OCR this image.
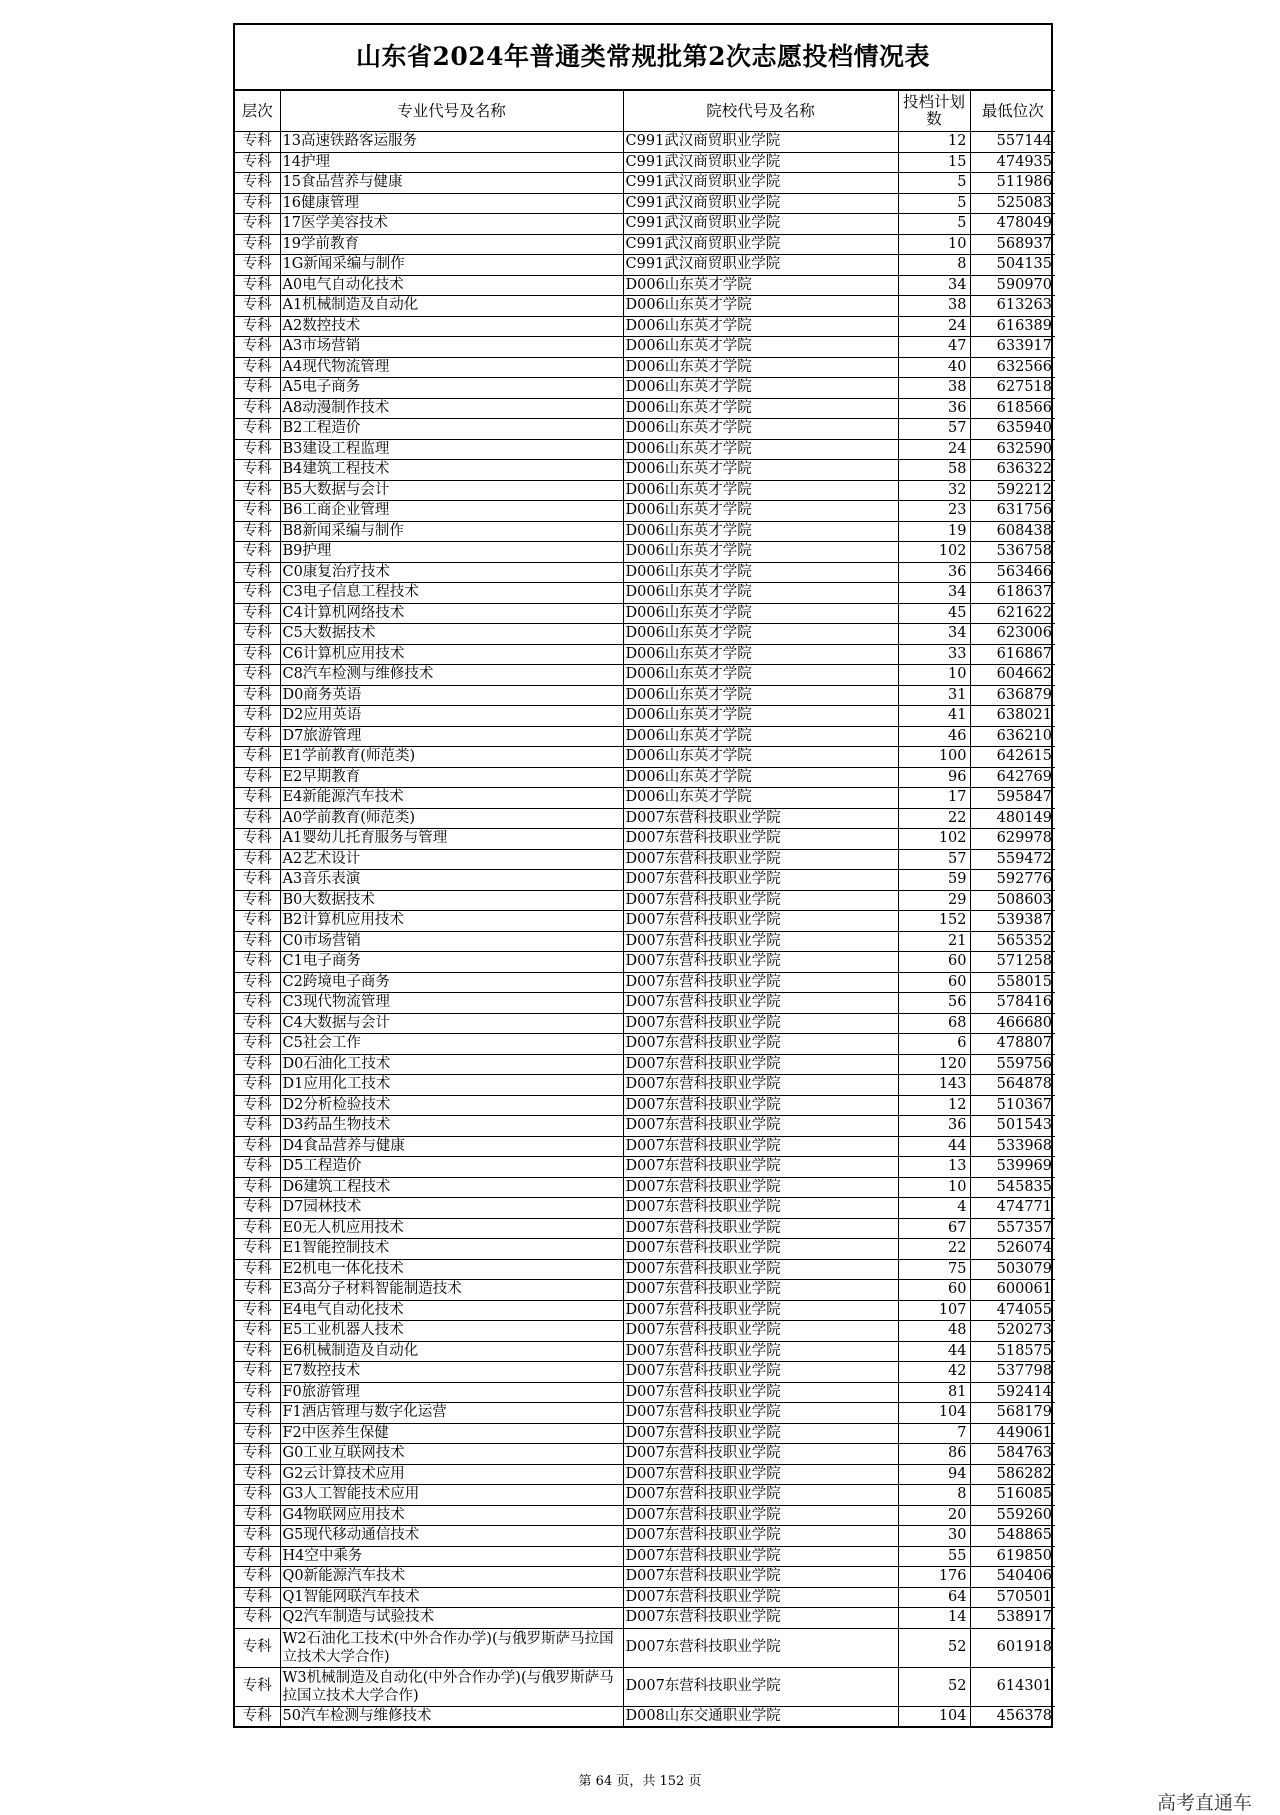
山东省2024年普通类常规批第2次志愿投档情况表
层次	专业代号及名称	院校代号及名称	投档计划数	最低位次
专科	13高速铁路客运服务	C991武汉商贸职业学院	12	557144
专科	14护理	C991武汉商贸职业学院	15	474935
专科	15食品营养与健康	C991武汉商贸职业学院	5	511986
专科	16健康管理	C991武汉商贸职业学院	5	525083
专科	17医学美容技术	C991武汉商贸职业学院	5	478049
专科	19学前教育	C991武汉商贸职业学院	10	568937
专科	1G新闻采编与制作	C991武汉商贸职业学院	8	504135
专科	A0电气自动化技术	D006山东英才学院	34	590970
专科	A1机械制造及自动化	D006山东英才学院	38	613263
专科	A2数控技术	D006山东英才学院	24	616389
专科	A3市场营销	D006山东英才学院	47	633917
专科	A4现代物流管理	D006山东英才学院	40	632566
专科	A5电子商务	D006山东英才学院	38	627518
专科	A8动漫制作技术	D006山东英才学院	36	618566
专科	B2工程造价	D006山东英才学院	57	635940
专科	B3建设工程监理	D006山东英才学院	24	632590
专科	B4建筑工程技术	D006山东英才学院	58	636322
专科	B5大数据与会计	D006山东英才学院	32	592212
专科	B6工商企业管理	D006山东英才学院	23	631756
专科	B8新闻采编与制作	D006山东英才学院	19	608438
专科	B9护理	D006山东英才学院	102	536758
专科	C0康复治疗技术	D006山东英才学院	36	563466
专科	C3电子信息工程技术	D006山东英才学院	34	618637
专科	C4计算机网络技术	D006山东英才学院	45	621622
专科	C5大数据技术	D006山东英才学院	34	623006
专科	C6计算机应用技术	D006山东英才学院	33	616867
专科	C8汽车检测与维修技术	D006山东英才学院	10	604662
专科	D0商务英语	D006山东英才学院	31	636879
专科	D2应用英语	D006山东英才学院	41	638021
专科	D7旅游管理	D006山东英才学院	46	636210
专科	E1学前教育(师范类)	D006山东英才学院	100	642615
专科	E2早期教育	D006山东英才学院	96	642769
专科	E4新能源汽车技术	D006山东英才学院	17	595847
专科	A0学前教育(师范类)	D007东营科技职业学院	22	480149
专科	A1婴幼儿托育服务与管理	D007东营科技职业学院	102	629978
专科	A2艺术设计	D007东营科技职业学院	57	559472
专科	A3音乐表演	D007东营科技职业学院	59	592776
专科	B0大数据技术	D007东营科技职业学院	29	508603
专科	B2计算机应用技术	D007东营科技职业学院	152	539387
专科	C0市场营销	D007东营科技职业学院	21	565352
专科	C1电子商务	D007东营科技职业学院	60	571258
专科	C2跨境电子商务	D007东营科技职业学院	60	558015
专科	C3现代物流管理	D007东营科技职业学院	56	578416
专科	C4大数据与会计	D007东营科技职业学院	68	466680
专科	C5社会工作	D007东营科技职业学院	6	478807
专科	D0石油化工技术	D007东营科技职业学院	120	559756
专科	D1应用化工技术	D007东营科技职业学院	143	564878
专科	D2分析检验技术	D007东营科技职业学院	12	510367
专科	D3药品生物技术	D007东营科技职业学院	36	501543
专科	D4食品营养与健康	D007东营科技职业学院	44	533968
专科	D5工程造价	D007东营科技职业学院	13	539969
专科	D6建筑工程技术	D007东营科技职业学院	10	545835
专科	D7园林技术	D007东营科技职业学院	4	474771
专科	E0无人机应用技术	D007东营科技职业学院	67	557357
专科	E1智能控制技术	D007东营科技职业学院	22	526074
专科	E2机电一体化技术	D007东营科技职业学院	75	503079
专科	E3高分子材料智能制造技术	D007东营科技职业学院	60	600061
专科	E4电气自动化技术	D007东营科技职业学院	107	474055
专科	E5工业机器人技术	D007东营科技职业学院	48	520273
专科	E6机械制造及自动化	D007东营科技职业学院	44	518575
专科	E7数控技术	D007东营科技职业学院	42	537798
专科	F0旅游管理	D007东营科技职业学院	81	592414
专科	F1酒店管理与数字化运营	D007东营科技职业学院	104	568179
专科	F2中医养生保健	D007东营科技职业学院	7	449061
专科	G0工业互联网技术	D007东营科技职业学院	86	584763
专科	G2云计算技术应用	D007东营科技职业学院	94	586282
专科	G3人工智能技术应用	D007东营科技职业学院	8	516085
专科	G4物联网应用技术	D007东营科技职业学院	20	559260
专科	G5现代移动通信技术	D007东营科技职业学院	30	548865
专科	H4空中乘务	D007东营科技职业学院	55	619850
专科	Q0新能源汽车技术	D007东营科技职业学院	176	540406
专科	Q1智能网联汽车技术	D007东营科技职业学院	64	570501
专科	Q2汽车制造与试验技术	D007东营科技职业学院	14	538917
专科	W2石油化工技术(中外合作办学)(与俄罗斯萨马拉国立技术大学合作)	D007东营科技职业学院	52	601918
专科	W3机械制造及自动化(中外合作办学)(与俄罗斯萨马拉国立技术大学合作)	D007东营科技职业学院	52	614301
专科	50汽车检测与维修技术	D008山东交通职业学院	104	456378
第 64 页，共 152 页
高考直通车
